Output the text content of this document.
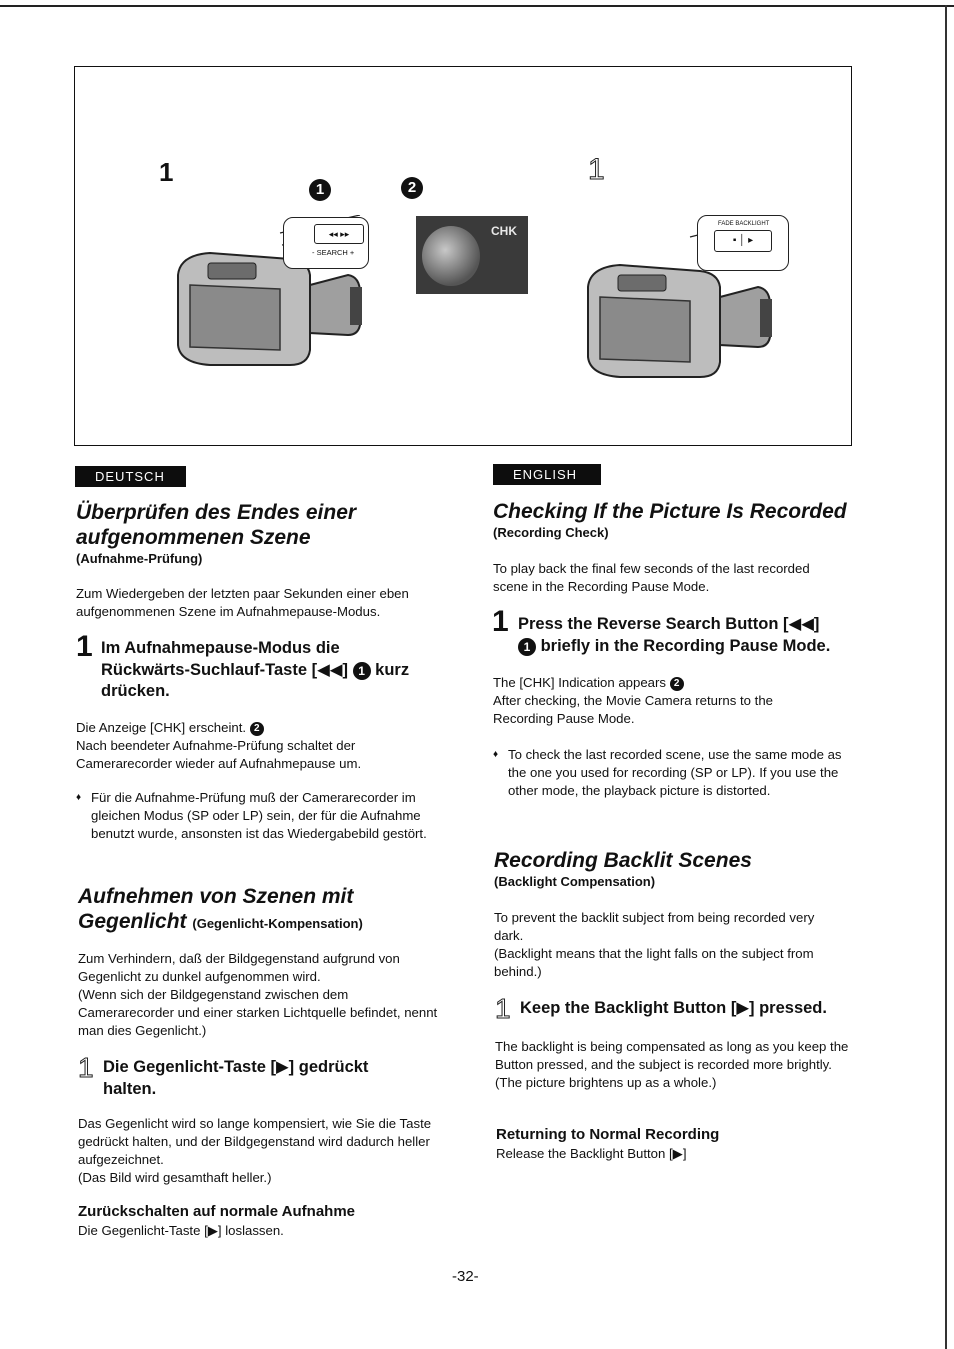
1
1	2
1
◂◂ ▸▸
- SEARCH +
CHK	FADE BACKLIGHT
▪ │ ▸
DEUTSCH
Überprüfen des Endes einer
aufgenommenen Szene
(Aufnahme-Prüfung)
Zum Wiedergeben der letzten paar Sekunden einer eben aufgenommenen Szene im Aufnahmepause-Modus.
1 Im Aufnahmepause-Modus die
Rückwärts-Suchlauf-Taste [◀◀] 1 kurz
drücken.
Die Anzeige [CHK] erscheint. 2
Nach beendeter Aufnahme-Prüfung schaltet der Camerarecorder wieder auf Aufnahmepause um.
♦ Für die Aufnahme-Prüfung muß der Camerarecorder im gleichen Modus (SP oder LP) sein, der für die Aufnahme benutzt wurde, ansonsten ist das Wiedergabebild gestört.
Aufnehmen von Szenen mit
Gegenlicht (Gegenlicht-Kompensation)
Zum Verhindern, daß der Bildgegenstand aufgrund von Gegenlicht zu dunkel aufgenommen wird.
(Wenn sich der Bildgegenstand zwischen dem Camerarecorder und einer starken Lichtquelle befindet, nennt man dies Gegenlicht.)
1 Die Gegenlicht-Taste [▶] gedrückt
halten.
Das Gegenlicht wird so lange kompensiert, wie Sie die Taste gedrückt halten, und der Bildgegenstand wird dadurch heller aufgezeichnet.
(Das Bild wird gesamthaft heller.)
Zurückschalten auf normale Aufnahme
Die Gegenlicht-Taste [▶] loslassen.
ENGLISH
Checking If the Picture Is Recorded
(Recording Check)
To play back the final few seconds of the last recorded scene in the Recording Pause Mode.
1 Press the Reverse Search Button [◀◀]
1 briefly in the Recording Pause Mode.
The [CHK] Indication appears 2
After checking, the Movie Camera returns to the Recording Pause Mode.
♦ To check the last recorded scene, use the same mode as the one you used for recording (SP or LP). If you use the other mode, the playback picture is distorted.
Recording Backlit Scenes
(Backlight Compensation)
To prevent the backlit subject from being recorded very dark.
(Backlight means that the light falls on the subject from behind.)
1 Keep the Backlight Button [▶] pressed.
The backlight is being compensated as long as you keep the Button pressed, and the subject is recorded more brightly.
(The picture brightens up as a whole.)
Returning to Normal Recording
Release the Backlight Button [▶]
-32-
